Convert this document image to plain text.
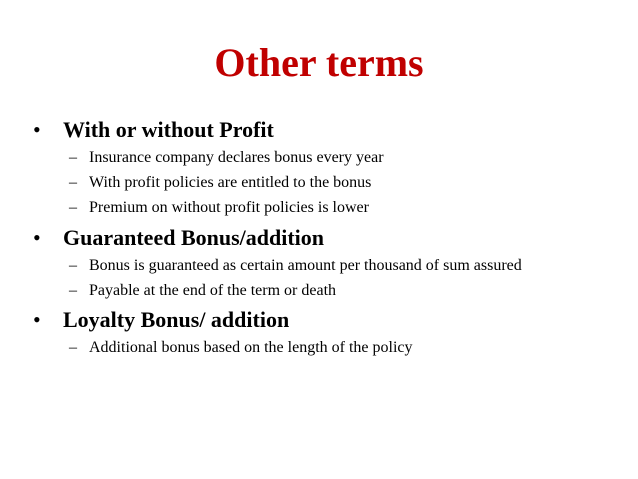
Other terms
• With or without Profit
– Insurance company declares bonus every year
– With profit policies are entitled to the bonus
– Premium on without profit policies is lower
• Guaranteed Bonus/addition
– Bonus is guaranteed as certain amount per thousand of sum assured
– Payable at the end of the term or death
• Loyalty Bonus/ addition
– Additional bonus based on the length of the policy
